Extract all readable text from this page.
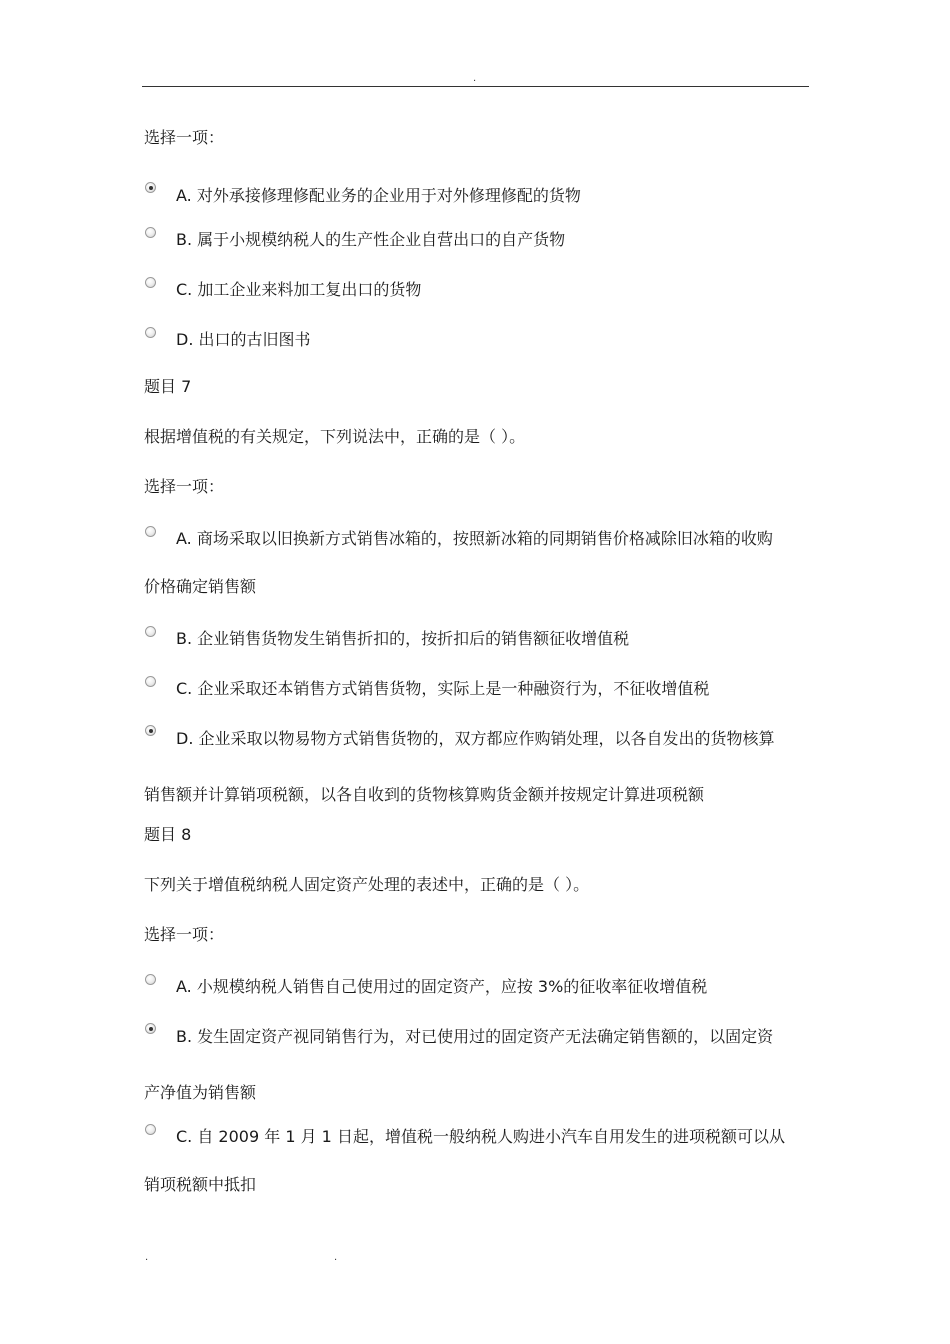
.
选择一项：
A. 对外承接修理修配业务的企业用于对外修理修配的货物
B. 属于小规模纳税人的生产性企业自营出口的自产货物
C. 加工企业来料加工复出口的货物
D. 出口的古旧图书
题目 7
根据增值税的有关规定，下列说法中，正确的是（ ）。
选择一项：
A. 商场采取以旧换新方式销售冰箱的，按照新冰箱的同期销售价格减除旧冰箱的收购
价格确定销售额
B. 企业销售货物发生销售折扣的，按折扣后的销售额征收增值税
C. 企业采取还本销售方式销售货物，实际上是一种融资行为，不征收增值税
D. 企业采取以物易物方式销售货物的，双方都应作购销处理，以各自发出的货物核算
销售额并计算销项税额，以各自收到的货物核算购货金额并按规定计算进项税额
题目 8
下列关于增值税纳税人固定资产处理的表述中，正确的是（ ）。
选择一项：
A. 小规模纳税人销售自己使用过的固定资产，应按 3%的征收率征收增值税
B. 发生固定资产视同销售行为，对已使用过的固定资产无法确定销售额的，以固定资
产净值为销售额
C. 自 2009 年 1 月 1 日起，增值税一般纳税人购进小汽车自用发生的进项税额可以从
销项税额中抵扣
.	.
